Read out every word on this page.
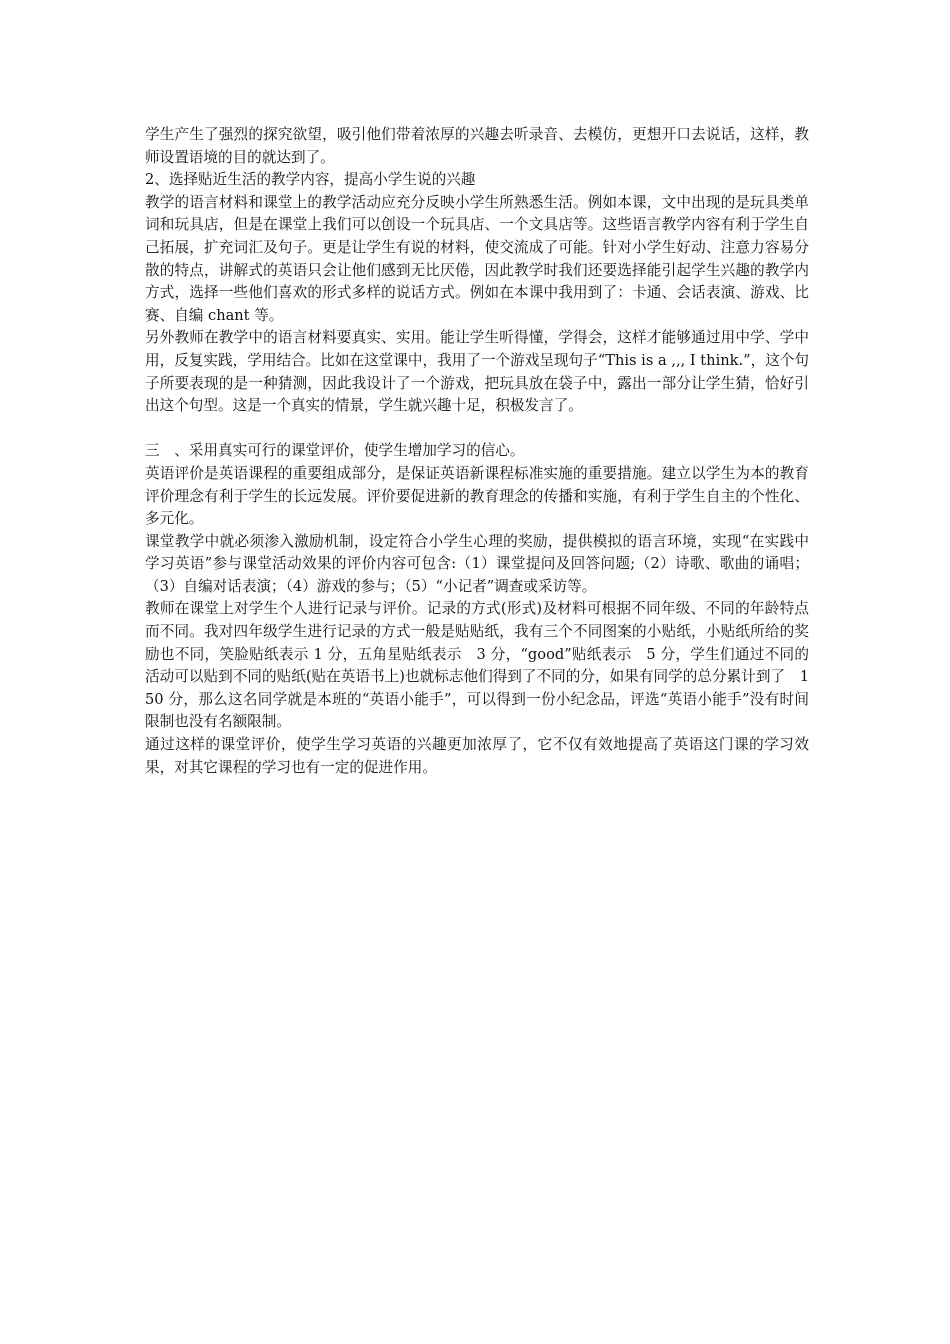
学生产生了强烈的探究欲望，吸引他们带着浓厚的兴趣去听录音、去模仿，更想开口去说话，这样，教师设置语境的目的就达到了。

2、选择贴近生活的教学内容，提高小学生说的兴趣

教学的语言材料和课堂上的教学活动应充分反映小学生所熟悉生活。例如本课，文中出现的是玩具类单词和玩具店，但是在课堂上我们可以创设一个玩具店、一个文具店等。这些语言教学内容有利于学生自己拓展，扩充词汇及句子。更是让学生有说的材料，使交流成了可能。针对小学生好动、注意力容易分散的特点，讲解式的英语只会让他们感到无比厌倦，因此教学时我们还要选择能引起学生兴趣的教学内方式，选择一些他们喜欢的形式多样的说话方式。例如在本课中我用到了：卡通、会话表演、游戏、比赛、自编 chant 等。

另外教师在教学中的语言材料要真实、实用。能让学生听得懂，学得会，这样才能够通过用中学、学中用，反复实践，学用结合。比如在这堂课中，我用了一个游戏呈现句子“This is a ,,, I think.”，这个句子所要表现的是一种猜测，因此我设计了一个游戏，把玩具放在袋子中，露出一部分让学生猜，恰好引出这个句型。这是一个真实的情景，学生就兴趣十足，积极发言了。

三　、采用真实可行的课堂评价，使学生增加学习的信心。

英语评价是英语课程的重要组成部分，是保证英语新课程标准实施的重要措施。建立以学生为本的教育评价理念有利于学生的长远发展。评价要促进新的教育理念的传播和实施，有利于学生自主的个性化、多元化。

课堂教学中就必须渗入激励机制，设定符合小学生心理的奖励，提供模拟的语言环境，实现“在实践中学习英语”参与课堂活动效果的评价内容可包含:（1）课堂提问及回答问题;（2）诗歌、歌曲的诵唱；（3）自编对话表演；（4）游戏的参与；（5）“小记者”调查或采访等。

教师在课堂上对学生个人进行记录与评价。记录的方式(形式)及材料可根据不同年级、不同的年龄特点而不同。我对四年级学生进行记录的方式一般是贴贴纸，我有三个不同图案的小贴纸，小贴纸所给的奖励也不同，笑脸贴纸表示 1 分，五角星贴纸表示　3 分，“good”贴纸表示　5 分，学生们通过不同的活动可以贴到不同的贴纸(贴在英语书上)也就标志他们得到了不同的分，如果有同学的总分累计到了　150 分，那么这名同学就是本班的“英语小能手”，可以得到一份小纪念品，评选“英语小能手”没有时间限制也没有名额限制。

通过这样的课堂评价，使学生学习英语的兴趣更加浓厚了，它不仅有效地提高了英语这门课的学习效果，对其它课程的学习也有一定的促进作用。
